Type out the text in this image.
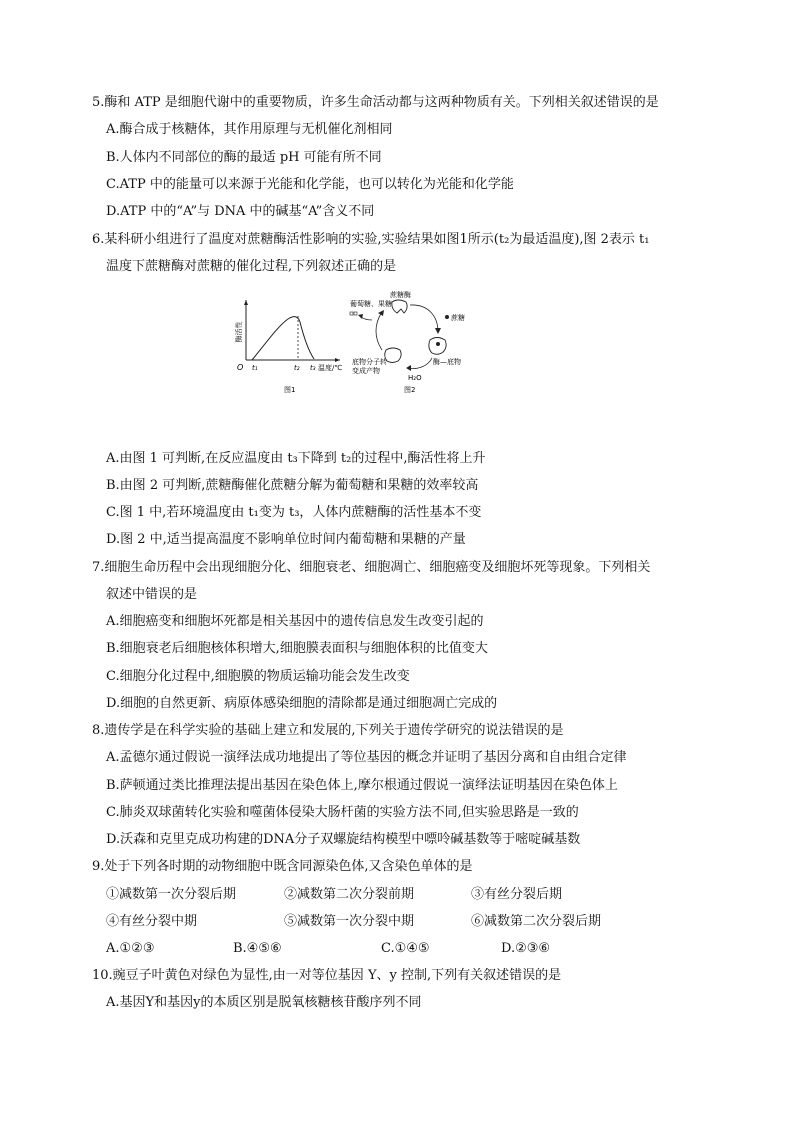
5.酶和 ATP 是细胞代谢中的重要物质，许多生命活动都与这两种物质有关。下列相关叙述错误的是
A.酶合成于核糖体，其作用原理与无机催化剂相同
B.人体内不同部位的酶的最适 pH 可能有所不同
C.ATP 中的能量可以来源于光能和化学能，也可以转化为光能和化学能
D.ATP 中的“A”与 DNA 中的碱基“A”含义不同
6.某科研小组进行了温度对蔗糖酶活性影响的实验,实验结果如图1所示(t₂为最适温度),图 2表示 t₁
温度下蔗糖酶对蔗糖的催化过程,下列叙述正确的是
酶活性
O t₁	t₂ t₃ 温度/℃
图1
葡萄糖、果糖
蔗糖酶
蔗糖
酶—底物
底物分子转
变成产物
H₂O
图2
A.由图 1 可判断,在反应温度由 t₃下降到 t₂的过程中,酶活性将上升
B.由图 2 可判断,蔗糖酶催化蔗糖分解为葡萄糖和果糖的效率较高
C.图 1 中,若环境温度由 t₁变为 t₃，人体内蔗糖酶的活性基本不变
D.图 2 中,适当提高温度不影响单位时间内葡萄糖和果糖的产量
7.细胞生命历程中会出现细胞分化、细胞衰老、细胞凋亡、细胞癌变及细胞坏死等现象。下列相关
叙述中错误的是
A.细胞癌变和细胞坏死都是相关基因中的遗传信息发生改变引起的
B.细胞衰老后细胞核体积增大,细胞膜表面积与细胞体积的比值变大
C.细胞分化过程中,细胞膜的物质运输功能会发生改变
D.细胞的自然更新、病原体感染细胞的清除都是通过细胞凋亡完成的
8.遗传学是在科学实验的基础上建立和发展的,下列关于遗传学研究的说法错误的是
A.孟德尔通过假说一演绎法成功地提出了等位基因的概念并证明了基因分离和自由组合定律
B.萨顿通过类比推理法提出基因在染色体上,摩尔根通过假说一演绎法证明基因在染色体上
C.肺炎双球菌转化实验和噬菌体侵染大肠杆菌的实验方法不同,但实验思路是一致的
D.沃森和克里克成功构建的DNA分子双螺旋结构模型中嘌呤碱基数等于嘧啶碱基数
9.处于下列各时期的动物细胞中既含同源染色体,又含染色单体的是
①减数第一次分裂后期	②减数第二次分裂前期	③有丝分裂后期
④有丝分裂中期	⑤减数第一次分裂中期	⑥减数第二次分裂后期
A.①②③	B.④⑤⑥	C.①④⑤	D.②③⑥
10.豌豆子叶黄色对绿色为显性,由一对等位基因 Y、y 控制,下列有关叙述错误的是
A.基因Y和基因y的本质区别是脱氧核糖核苷酸序列不同
